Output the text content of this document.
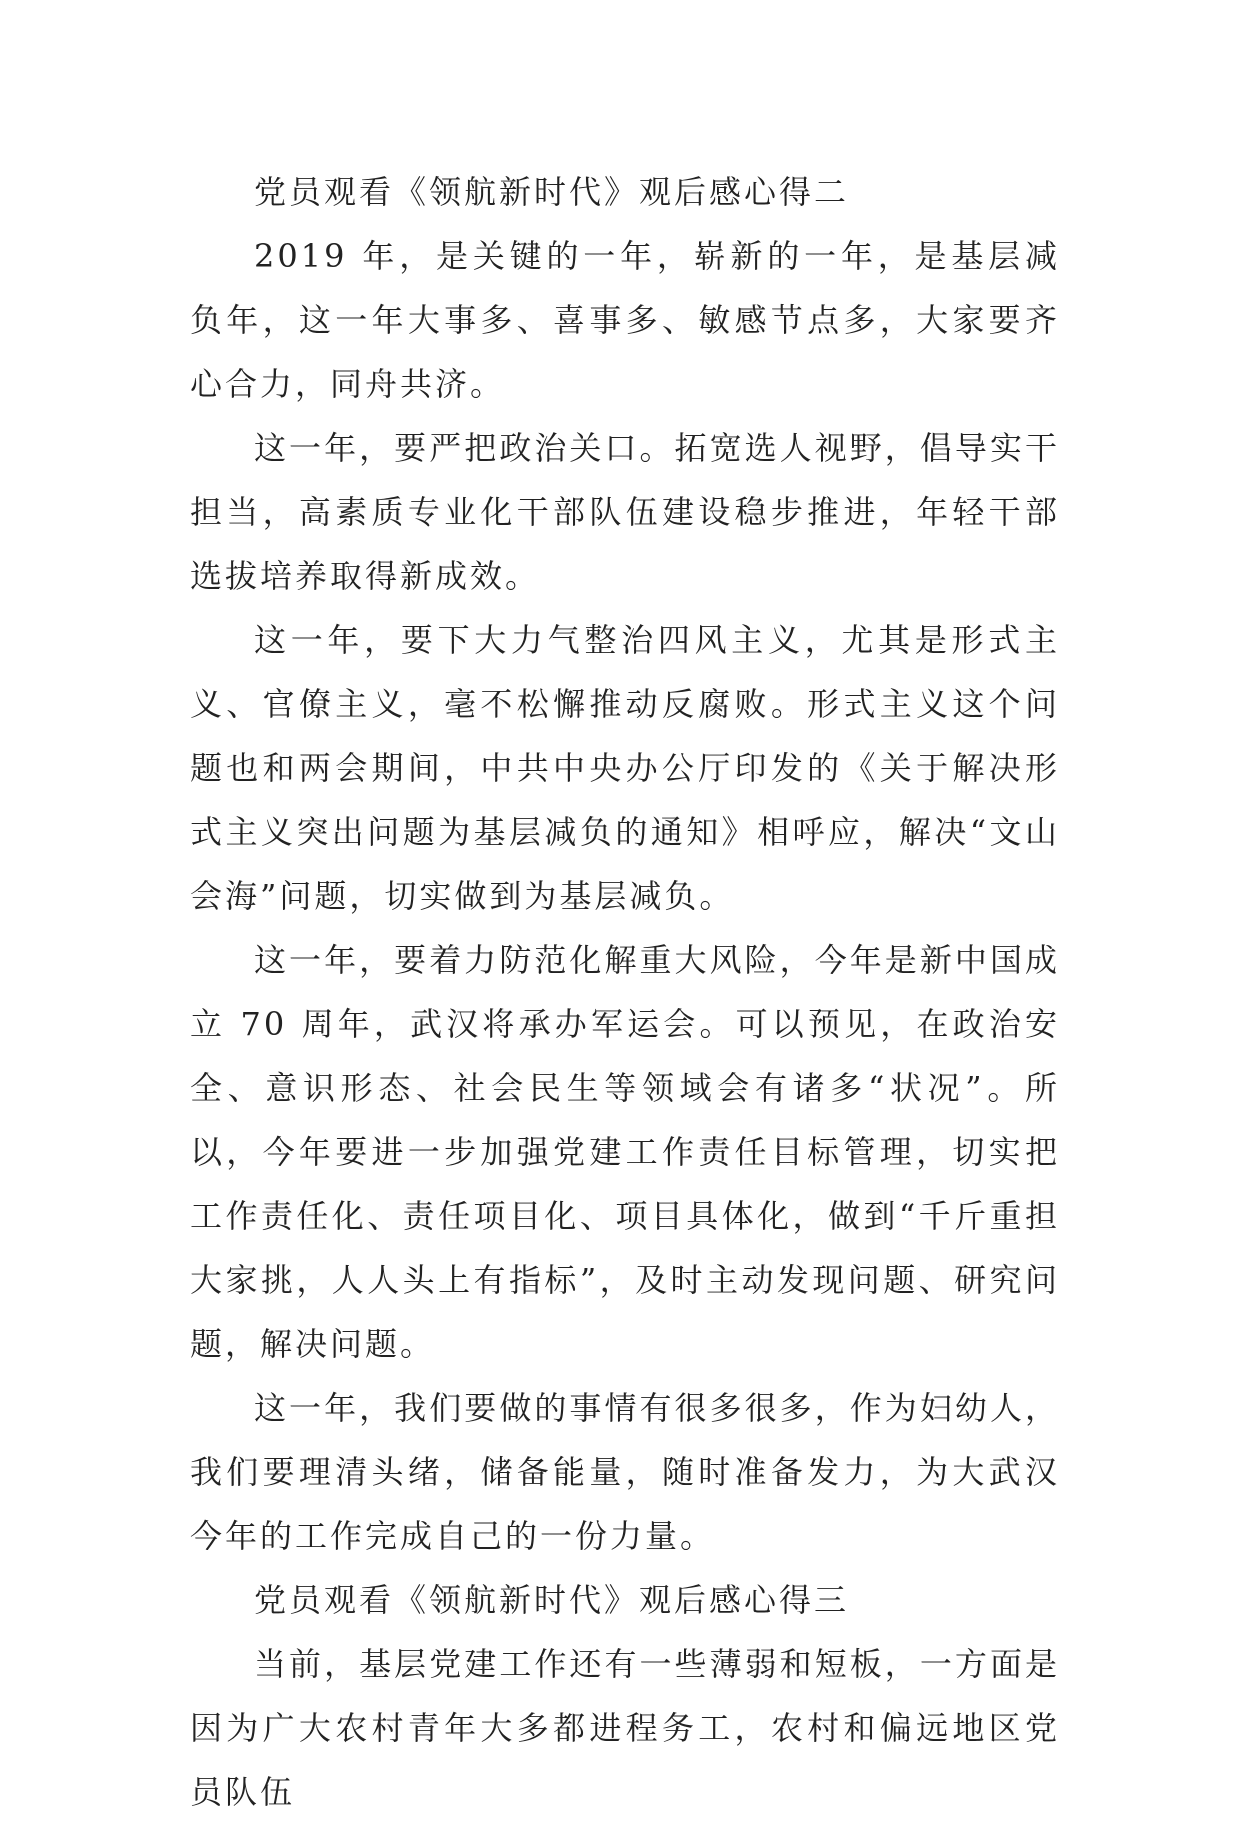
党员观看《领航新时代》观后感心得二

2019 年，是关键的一年，崭新的一年，是基层减负年，这一年大事多、喜事多、敏感节点多，大家要齐心合力，同舟共济。

这一年，要严把政治关口。拓宽选人视野，倡导实干担当，高素质专业化干部队伍建设稳步推进，年轻干部选拔培养取得新成效。

这一年，要下大力气整治四风主义，尤其是形式主义、官僚主义，毫不松懈推动反腐败。形式主义这个问题也和两会期间，中共中央办公厅印发的《关于解决形式主义突出问题为基层减负的通知》相呼应，解决“文山会海”问题，切实做到为基层减负。

这一年，要着力防范化解重大风险，今年是新中国成立 70 周年，武汉将承办军运会。可以预见，在政治安全、意识形态、社会民生等领域会有诸多“状况”。所以，今年要进一步加强党建工作责任目标管理，切实把工作责任化、责任项目化、项目具体化，做到“千斤重担大家挑，人人头上有指标”，及时主动发现问题、研究问题，解决问题。

这一年，我们要做的事情有很多很多，作为妇幼人，我们要理清头绪，储备能量，随时准备发力，为大武汉今年的工作完成自己的一份力量。

党员观看《领航新时代》观后感心得三

当前，基层党建工作还有一些薄弱和短板，一方面是因为广大农村青年大多都进程务工，农村和偏远地区党员队伍
